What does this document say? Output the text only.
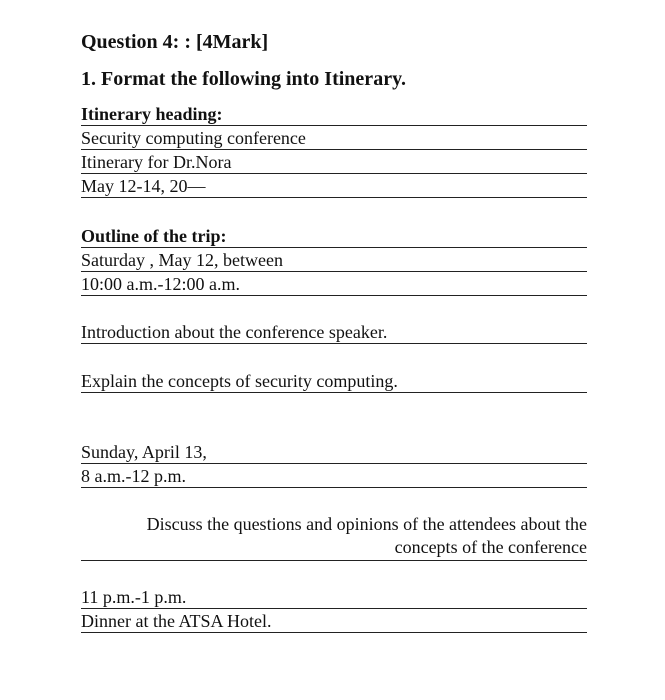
Question 4: : [4Mark]
1. Format the following into Itinerary.
Itinerary heading:
Security computing conference
Itinerary for Dr.Nora
May 12-14, 20—
Outline of the trip:
Saturday , May 12, between
10:00 a.m.-12:00 a.m.
Introduction about the conference speaker.
Explain the concepts of security computing.
Sunday, April 13,
8 a.m.-12 p.m.
Discuss the questions and opinions of the attendees about the concepts of the conference
11 p.m.-1 p.m.
Dinner at the ATSA Hotel.
